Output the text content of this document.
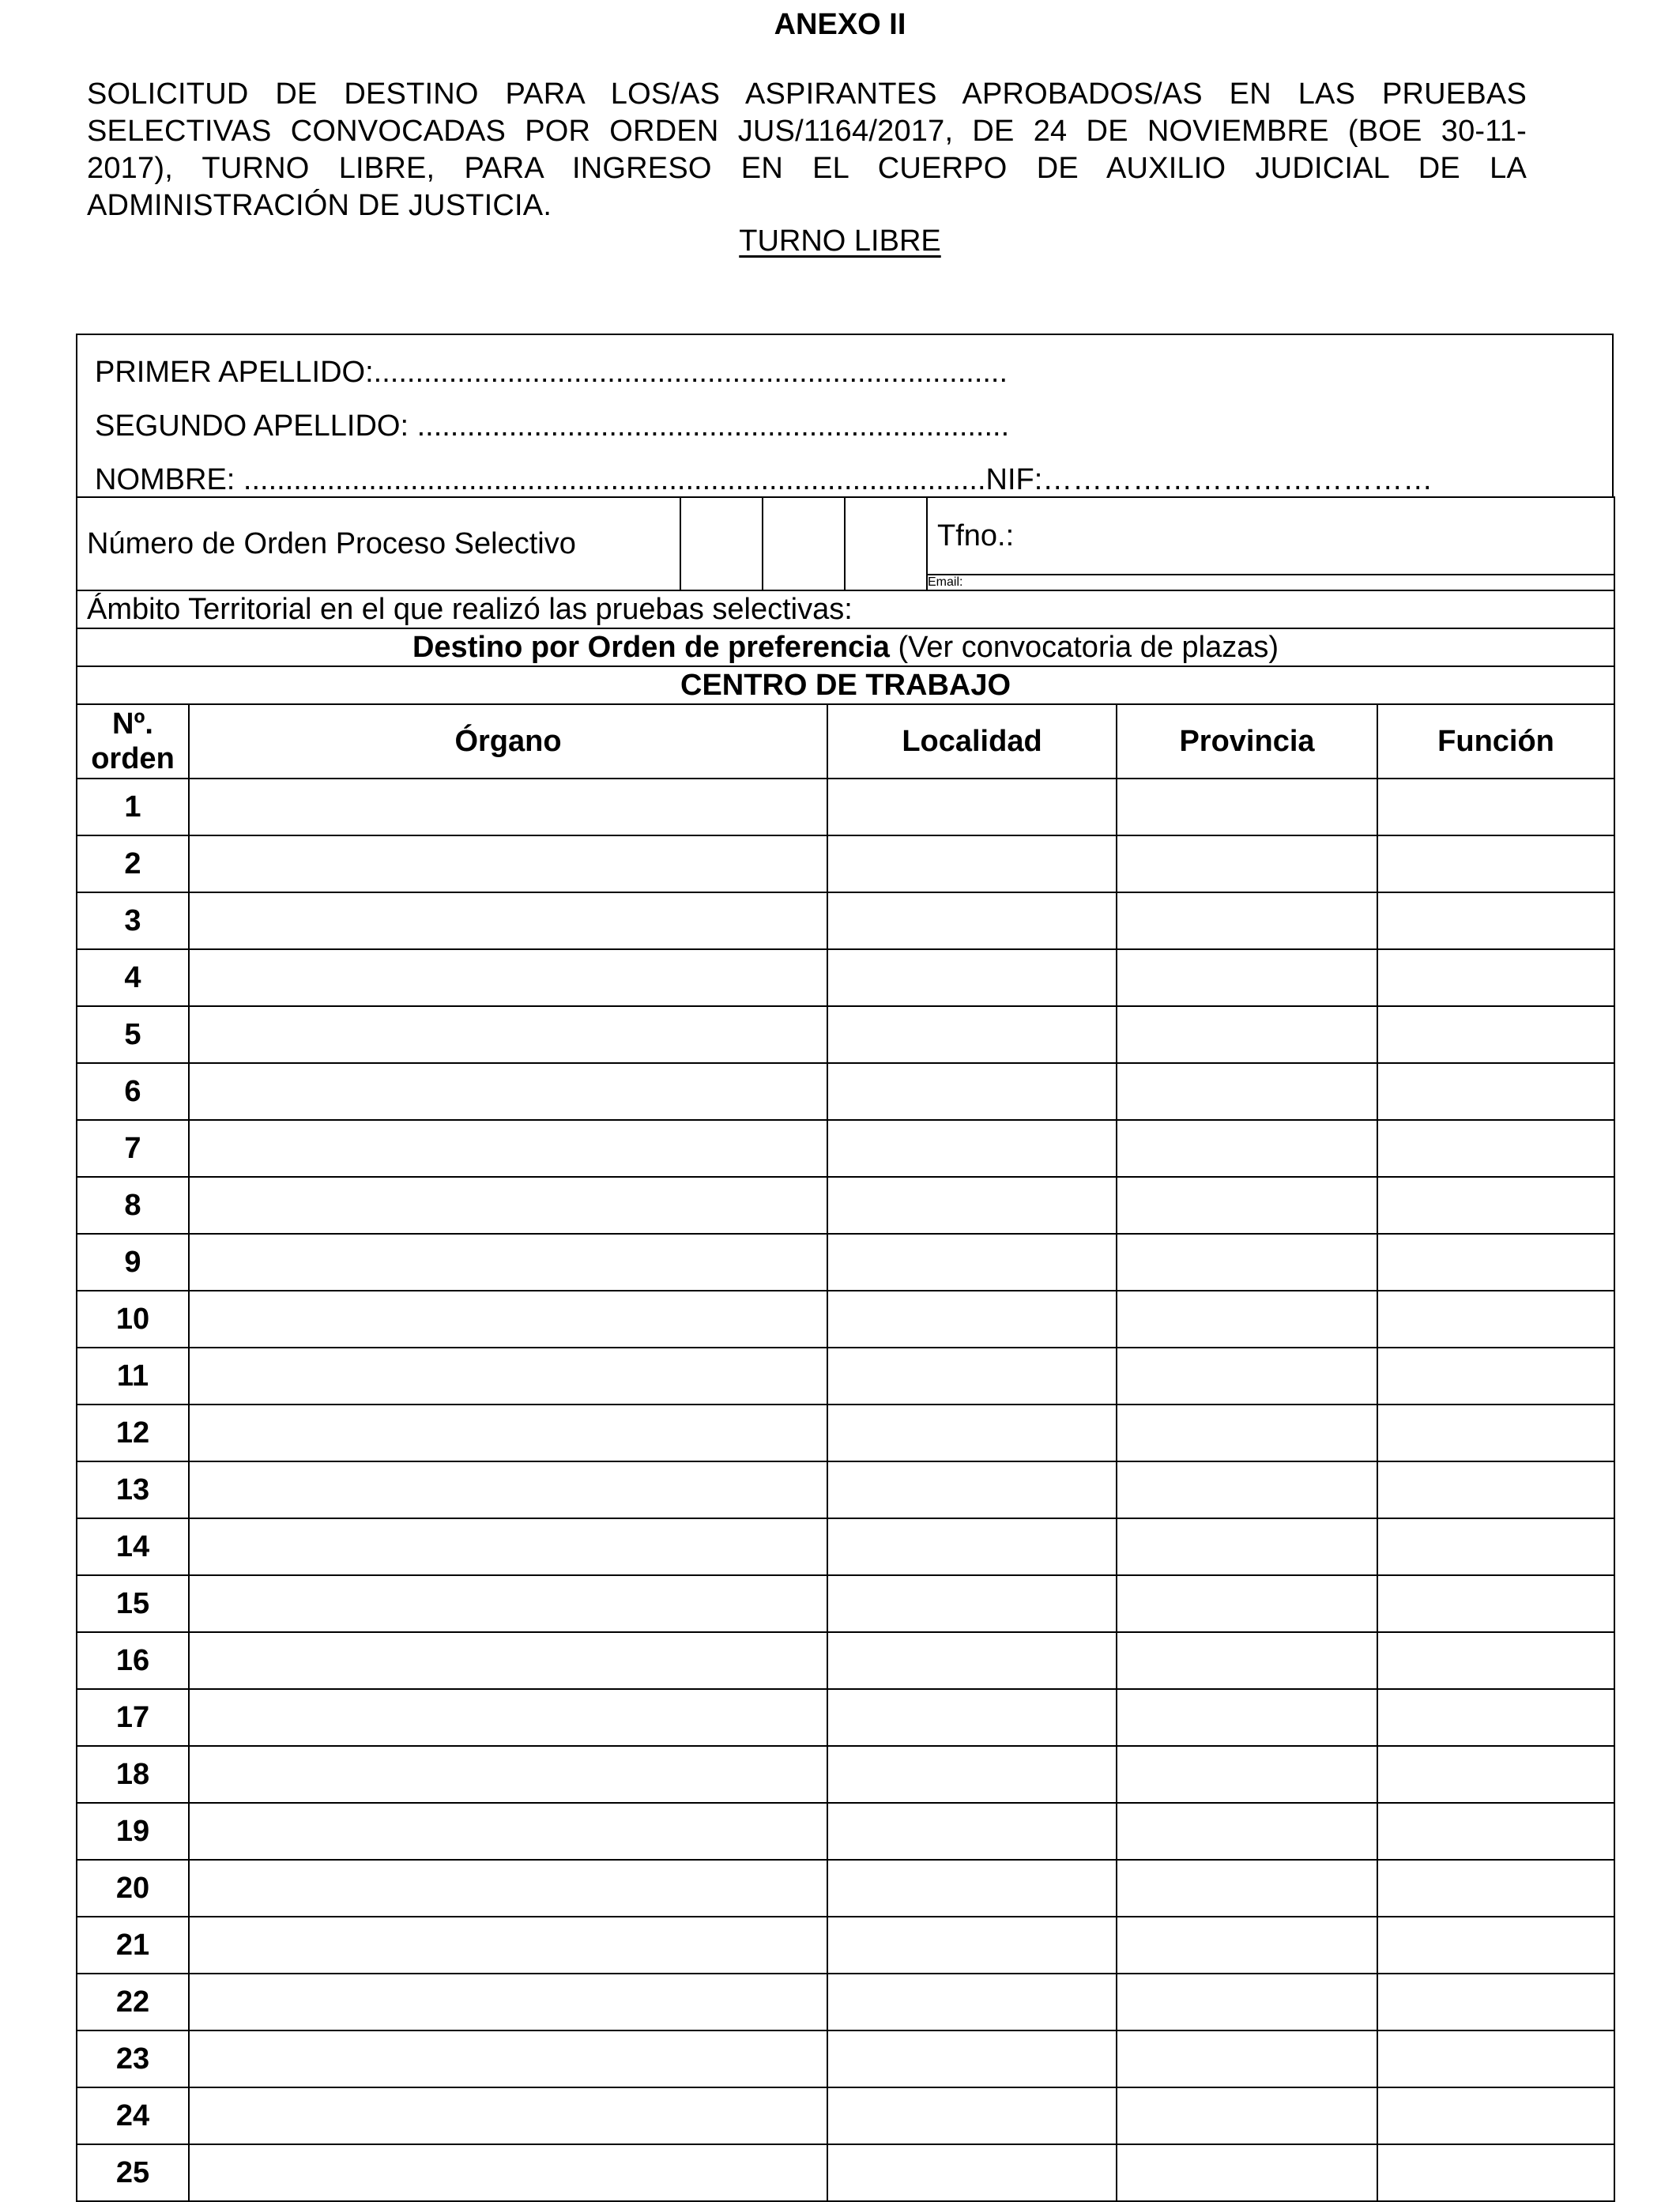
ANEXO II
SOLICITUD DE DESTINO PARA LOS/AS ASPIRANTES APROBADOS/AS EN LAS PRUEBAS
SELECTIVAS CONVOCADAS POR ORDEN JUS/1164/2017, DE 24 DE NOVIEMBRE (BOE 30-11-
2017), TURNO LIBRE, PARA INGRESO EN EL CUERPO DE AUXILIO JUDICIAL DE LA
ADMINISTRACIÓN DE JUSTICIA.
TURNO LIBRE
PRIMER APELLIDO:............................................................................
SEGUNDO APELLIDO: .......................................................................
NOMBRE: .........................................................................................NIF:…………………………………
Número de Orden Proceso Selectivo				Tfno.:
Email:
Ámbito Territorial en el que realizó las pruebas selectivas:				
Destino por Orden de preferencia (Ver convocatoria de plazas)				
CENTRO DE TRABAJO				
Nº.
orden	Órgano	Localidad	Provincia	Función
1				
2				
3				
4				
5				
6				
7				
8				
9				
10				
11				
12				
13				
14				
15				
16				
17				
18				
19				
20				
21				
22				
23				
24				
25				
